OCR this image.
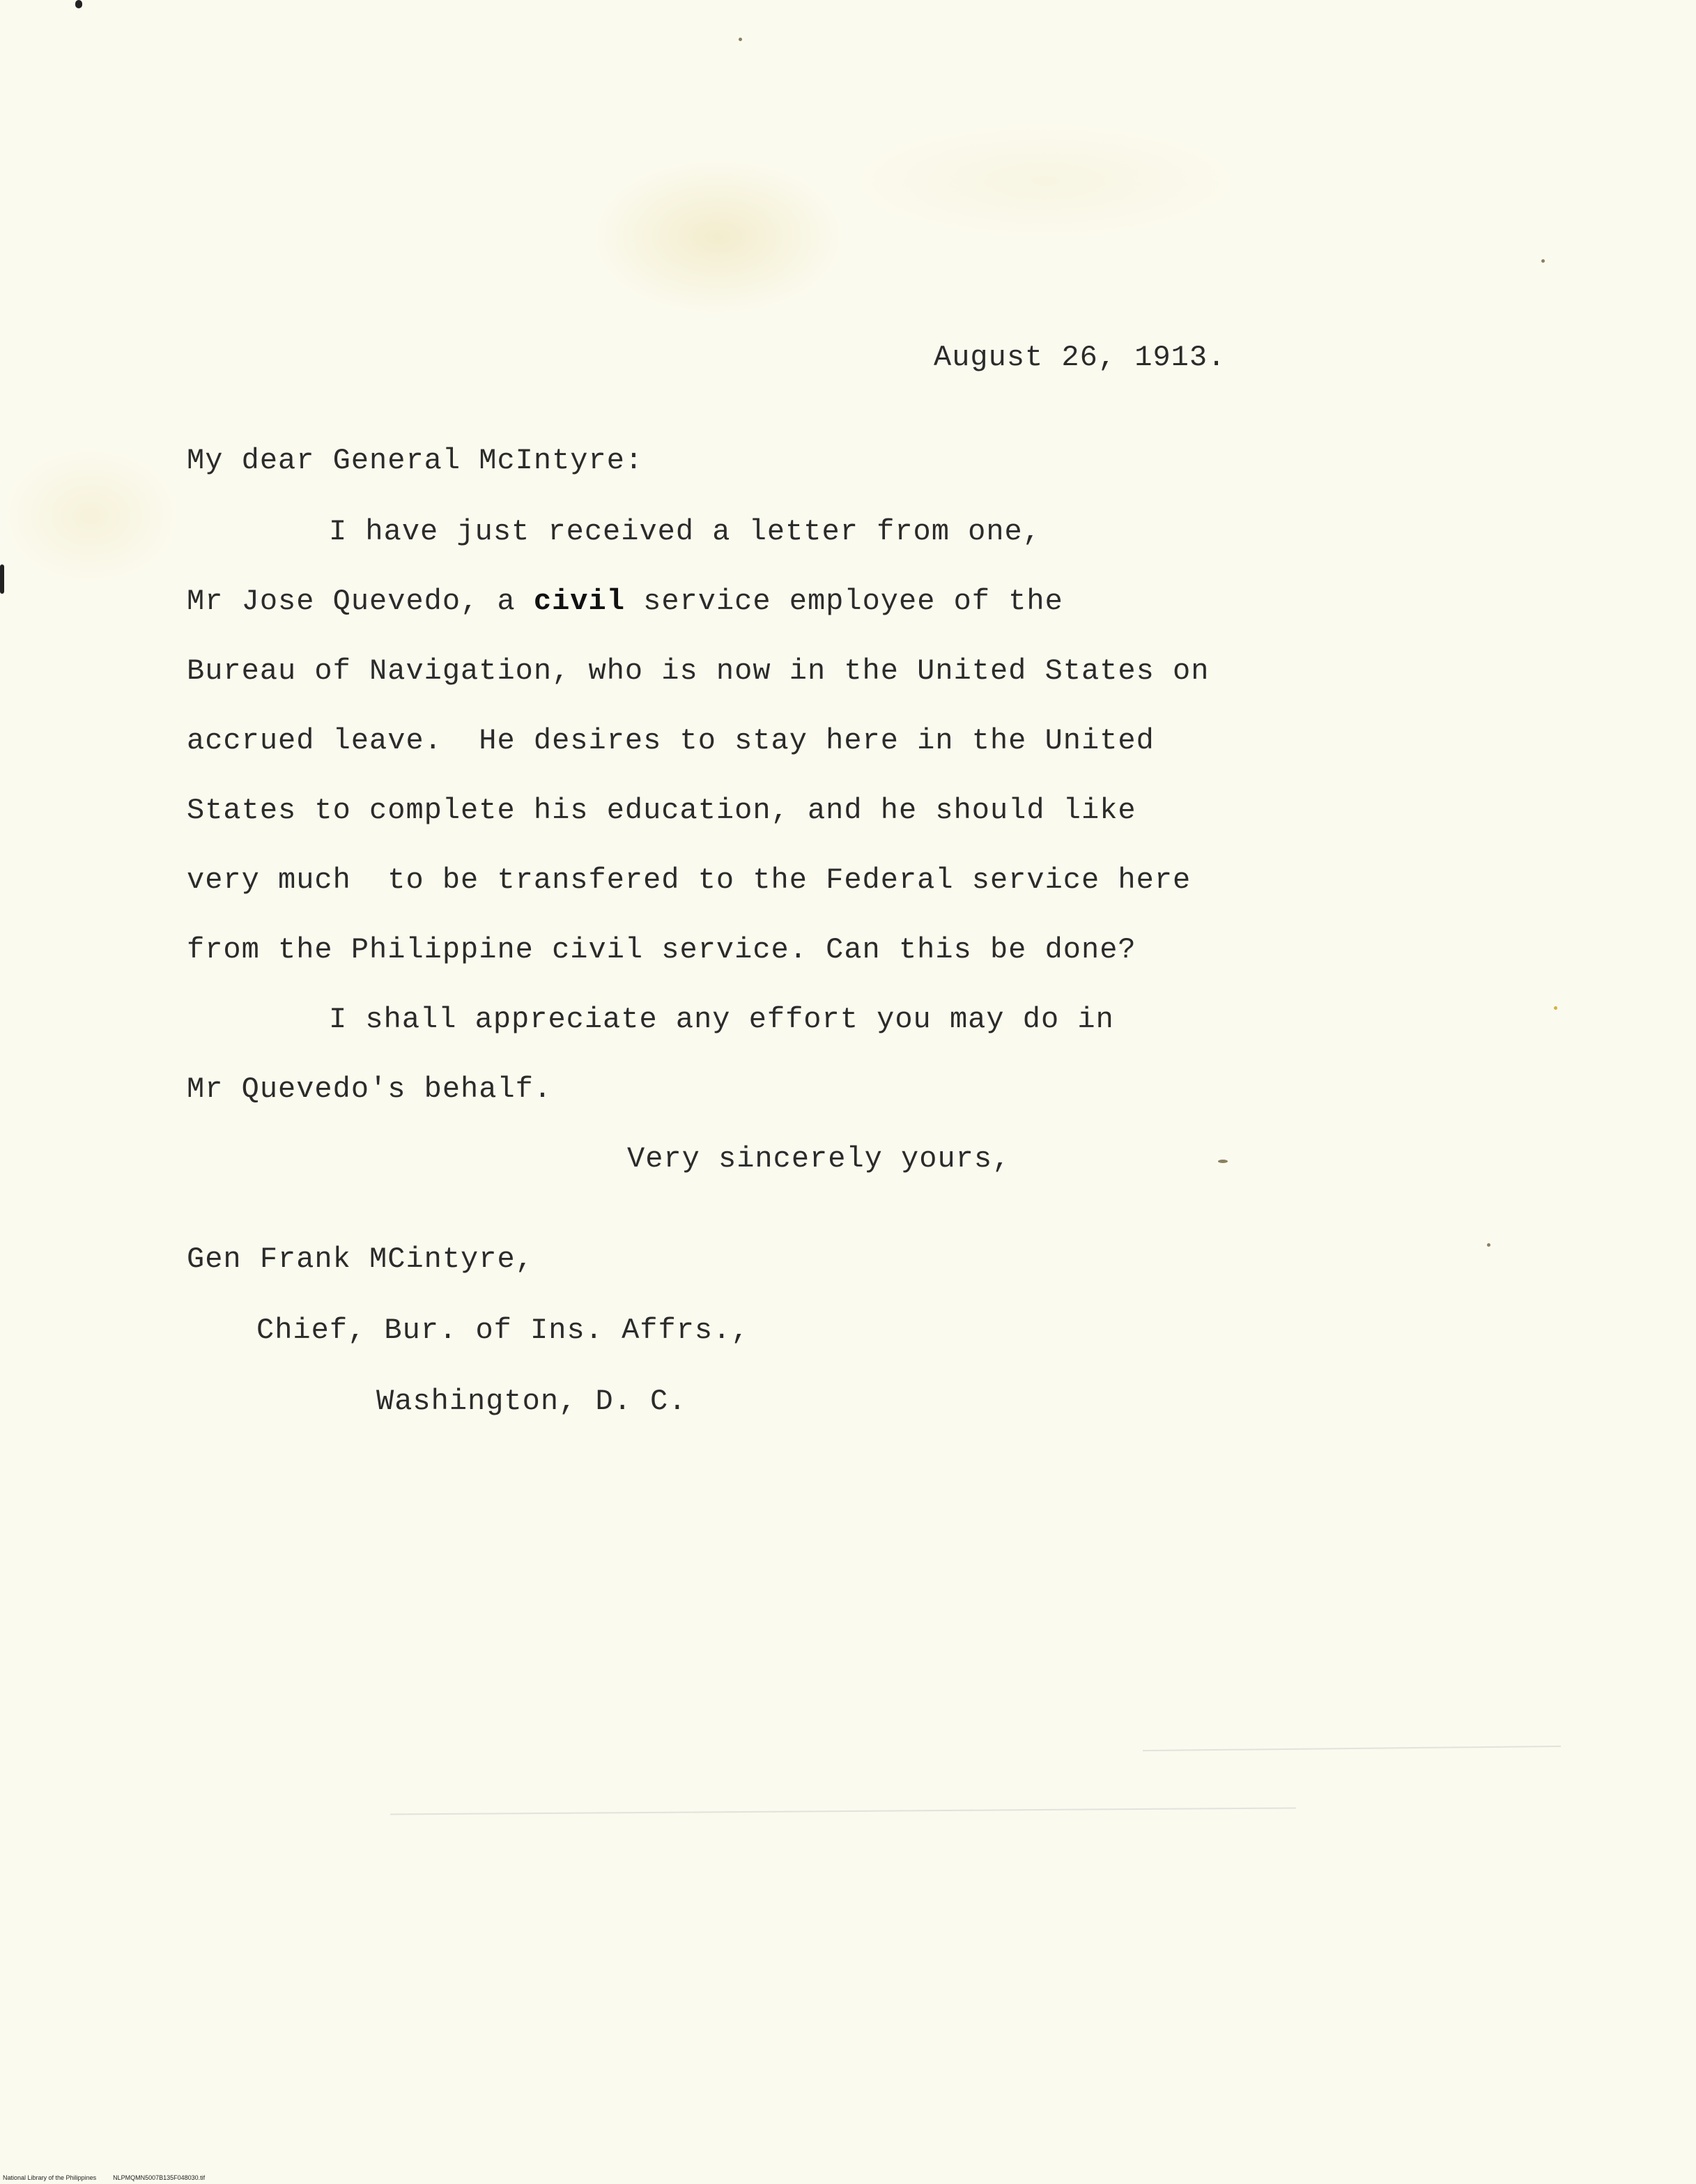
August 26, 1913.
My dear General McIntyre:
I have just received a letter from one,
Mr Jose Quevedo, a civil service employee of the
Bureau of Navigation, who is now in the United States on
accrued leave.  He desires to stay here in the United
States to complete his education, and he should like
very much  to be transfered to the Federal service here
from the Philippine civil service. Can this be done?
I shall appreciate any effort you may do in
Mr Quevedo's behalf.
Very sincerely yours,
Gen Frank MCintyre,
Chief, Bur. of Ins. Affrs.,
Washington, D. C.
National Library of the Philippines	NLPMQMN5007B135F048030.tif
